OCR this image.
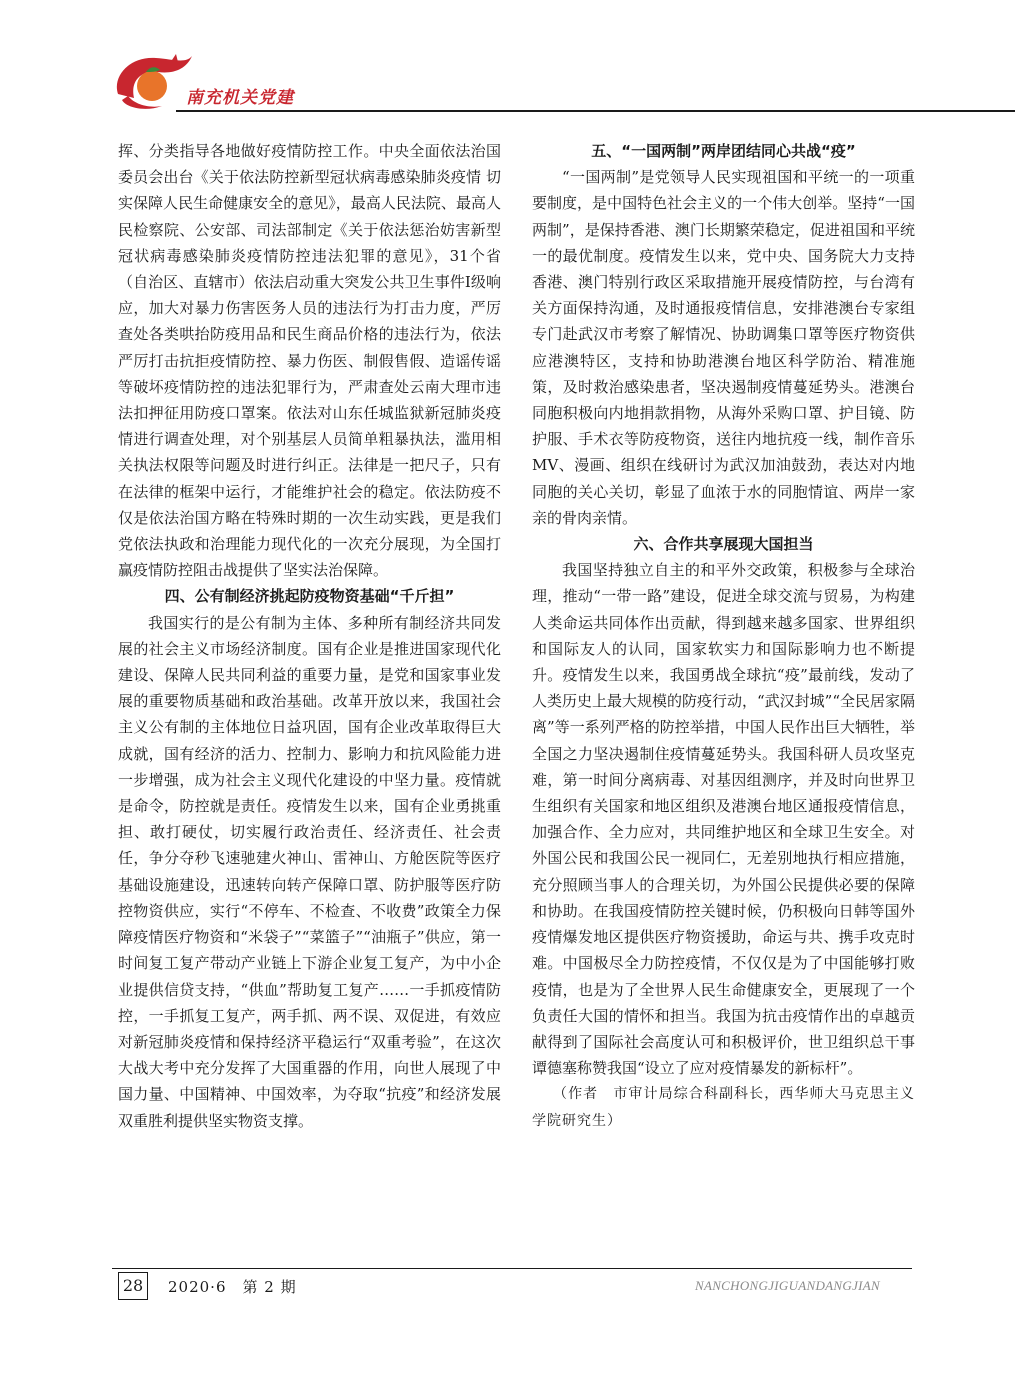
南充机关党建

挥、分类指导各地做好疫情防控工作。中央全面依法治国委员会出台《关于依法防控新型冠状病毒感染肺炎疫情 切实保障人民生命健康安全的意见》，最高人民法院、最高人民检察院、公安部、司法部制定《关于依法惩治妨害新型冠状病毒感染肺炎疫情防控违法犯罪的意见》，31个省（自治区、直辖市）依法启动重大突发公共卫生事件Ⅰ级响应，加大对暴力伤害医务人员的违法行为打击力度，严厉查处各类哄抬防疫用品和民生商品价格的违法行为，依法严厉打击抗拒疫情防控、暴力伤医、制假售假、造谣传谣等破坏疫情防控的违法犯罪行为，严肃查处云南大理市违法扣押征用防疫口罩案。依法对山东任城监狱新冠肺炎疫情进行调查处理，对个别基层人员简单粗暴执法，滥用相关执法权限等问题及时进行纠正。法律是一把尺子，只有在法律的框架中运行，才能维护社会的稳定。依法防疫不仅是依法治国方略在特殊时期的一次生动实践，更是我们党依法执政和治理能力现代化的一次充分展现，为全国打赢疫情防控阻击战提供了坚实法治保障。

四、公有制经济挑起防疫物资基础“千斤担”

我国实行的是公有制为主体、多种所有制经济共同发展的社会主义市场经济制度。国有企业是推进国家现代化建设、保障人民共同利益的重要力量，是党和国家事业发展的重要物质基础和政治基础。改革开放以来，我国社会主义公有制的主体地位日益巩固，国有企业改革取得巨大成就，国有经济的活力、控制力、影响力和抗风险能力进一步增强，成为社会主义现代化建设的中坚力量。疫情就是命令，防控就是责任。疫情发生以来，国有企业勇挑重担、敢打硬仗，切实履行政治责任、经济责任、社会责任，争分夺秒飞速驰建火神山、雷神山、方舱医院等医疗基础设施建设，迅速转向转产保障口罩、防护服等医疗防控物资供应，实行“不停车、不检查、不收费”政策全力保障疫情医疗物资和“米袋子”“菜篮子”“油瓶子”供应，第一时间复工复产带动产业链上下游企业复工复产，为中小企业提供信贷支持，“供血”帮助复工复产……一手抓疫情防控，一手抓复工复产，两手抓、两不误、双促进，有效应对新冠肺炎疫情和保持经济平稳运行“双重考验”，在这次大战大考中充分发挥了大国重器的作用，向世人展现了中国力量、中国精神、中国效率，为夺取“抗疫”和经济发展双重胜利提供坚实物资支撑。

五、“一国两制”两岸团结同心共战“疫”

“一国两制”是党领导人民实现祖国和平统一的一项重要制度，是中国特色社会主义的一个伟大创举。坚持“一国两制”，是保持香港、澳门长期繁荣稳定，促进祖国和平统一的最优制度。疫情发生以来，党中央、国务院大力支持香港、澳门特别行政区采取措施开展疫情防控，与台湾有关方面保持沟通，及时通报疫情信息，安排港澳台专家组专门赴武汉市考察了解情况、协助调集口罩等医疗物资供应港澳特区，支持和协助港澳台地区科学防治、精准施策，及时救治感染患者，坚决遏制疫情蔓延势头。港澳台同胞积极向内地捐款捐物，从海外采购口罩、护目镜、防护服、手术衣等防疫物资，送往内地抗疫一线，制作音乐MV、漫画、组织在线研讨为武汉加油鼓劲，表达对内地同胞的关心关切，彰显了血浓于水的同胞情谊、两岸一家亲的骨肉亲情。

六、合作共享展现大国担当

我国坚持独立自主的和平外交政策，积极参与全球治理，推动“一带一路”建设，促进全球交流与贸易，为构建人类命运共同体作出贡献，得到越来越多国家、世界组织和国际友人的认同，国家软实力和国际影响力也不断提升。疫情发生以来，我国勇战全球抗“疫”最前线，发动了人类历史上最大规模的防疫行动，“武汉封城”“全民居家隔离”等一系列严格的防控举措，中国人民作出巨大牺牲，举全国之力坚决遏制住疫情蔓延势头。我国科研人员攻坚克难，第一时间分离病毒、对基因组测序，并及时向世界卫生组织有关国家和地区组织及港澳台地区通报疫情信息，加强合作、全力应对，共同维护地区和全球卫生安全。对外国公民和我国公民一视同仁，无差别地执行相应措施，充分照顾当事人的合理关切，为外国公民提供必要的保障和协助。在我国疫情防控关键时候，仍积极向日韩等国外疫情爆发地区提供医疗物资援助，命运与共、携手攻克时难。中国极尽全力防控疫情，不仅仅是为了中国能够打败疫情，也是为了全世界人民生命健康安全，更展现了一个负责任大国的情怀和担当。我国为抗击疫情作出的卓越贡献得到了国际社会高度认可和积极评价，世卫组织总干事谭德塞称赞我国“设立了应对疫情暴发的新标杆”。

（作者　市审计局综合科副科长，西华师大马克思主义学院研究生）

28	2020·6　第 2 期	NANCHONGJIGUANDANGJIAN
